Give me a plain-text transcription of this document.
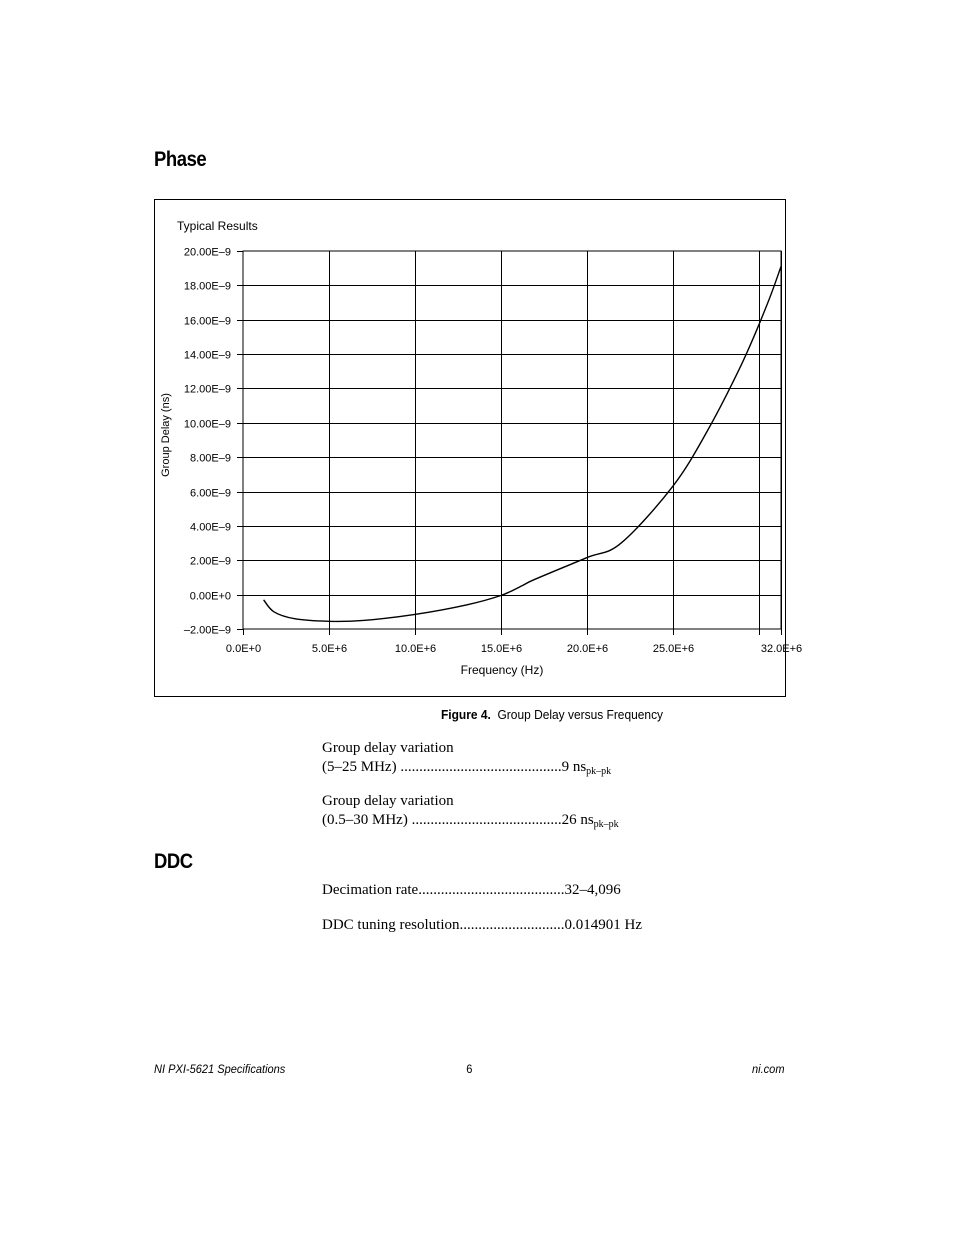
Phase
–2.00E–9
0.00E+0
2.00E–9
4.00E–9
6.00E–9
8.00E–9
10.00E–9
12.00E–9
14.00E–9
16.00E–9
18.00E–9
20.00E–9
0.0E+0	5.0E+6	10.0E+6	15.0E+6	20.0E+6	25.0E+6	32.0E+6
Typical Results
Frequency (Hz)
Group Delay (ns)
Figure 4. Group Delay versus Frequency
Group delay variation
(5–25 MHz) ...........................................9 $ns_{pk-pk}$
Group delay variation
(0.5–30 MHz) ........................................26 $ns_{pk-pk}$
DDC
Decimation rate.......................................32–4,096
DDC tuning resolution............................0.014901 Hz
NI PXI-5621 Specifications	6	ni.com
